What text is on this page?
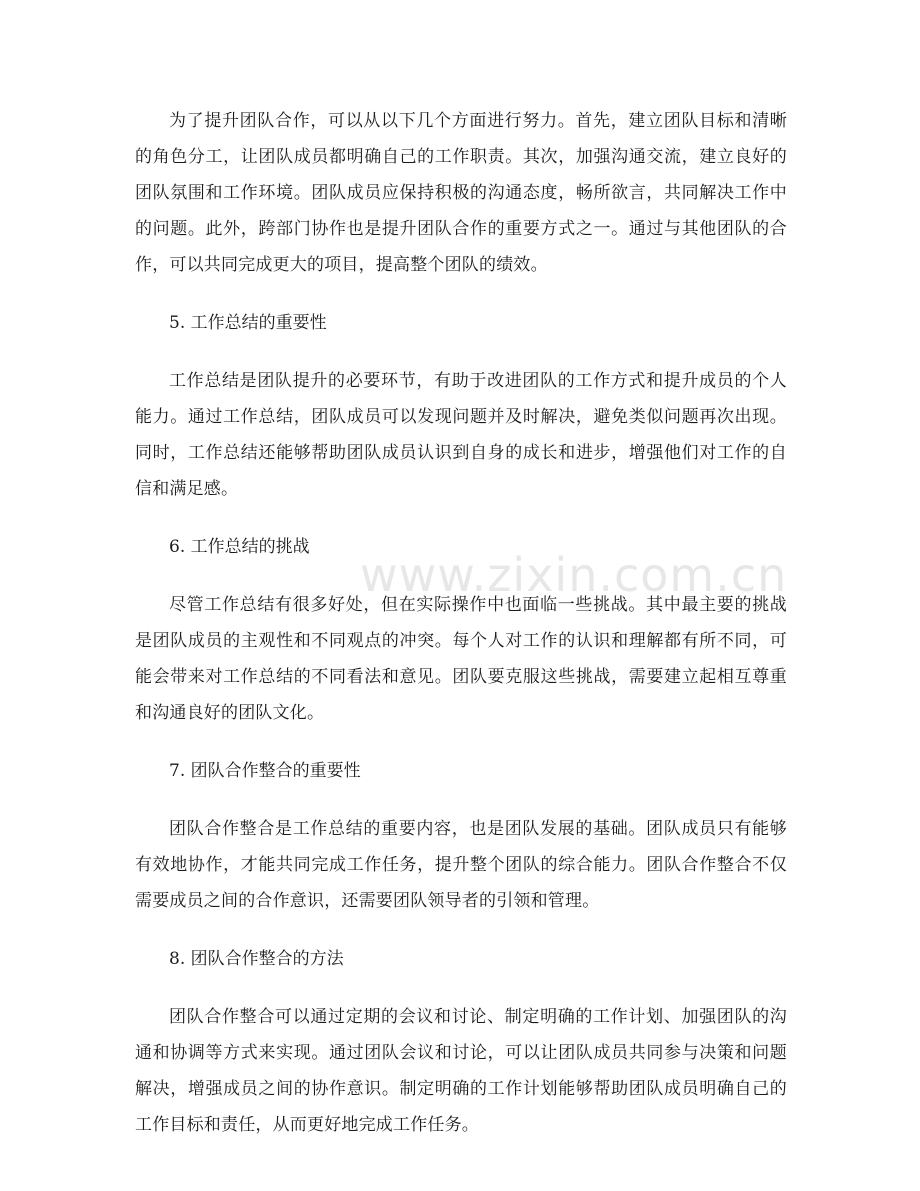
www.zixin.com.cn

为了提升团队合作，可以从以下几个方面进行努力。首先，建立团队目标和清晰的角色分工，让团队成员都明确自己的工作职责。其次，加强沟通交流，建立良好的团队氛围和工作环境。团队成员应保持积极的沟通态度，畅所欲言，共同解决工作中的问题。此外，跨部门协作也是提升团队合作的重要方式之一。通过与其他团队的合作，可以共同完成更大的项目，提高整个团队的绩效。

5. 工作总结的重要性

工作总结是团队提升的必要环节，有助于改进团队的工作方式和提升成员的个人能力。通过工作总结，团队成员可以发现问题并及时解决，避免类似问题再次出现。同时，工作总结还能够帮助团队成员认识到自身的成长和进步，增强他们对工作的自信和满足感。

6. 工作总结的挑战

尽管工作总结有很多好处，但在实际操作中也面临一些挑战。其中最主要的挑战是团队成员的主观性和不同观点的冲突。每个人对工作的认识和理解都有所不同，可能会带来对工作总结的不同看法和意见。团队要克服这些挑战，需要建立起相互尊重和沟通良好的团队文化。

7. 团队合作整合的重要性

团队合作整合是工作总结的重要内容，也是团队发展的基础。团队成员只有能够有效地协作，才能共同完成工作任务，提升整个团队的综合能力。团队合作整合不仅需要成员之间的合作意识，还需要团队领导者的引领和管理。

8. 团队合作整合的方法

团队合作整合可以通过定期的会议和讨论、制定明确的工作计划、加强团队的沟通和协调等方式来实现。通过团队会议和讨论，可以让团队成员共同参与决策和问题解决，增强成员之间的协作意识。制定明确的工作计划能够帮助团队成员明确自己的工作目标和责任，从而更好地完成工作任务。
